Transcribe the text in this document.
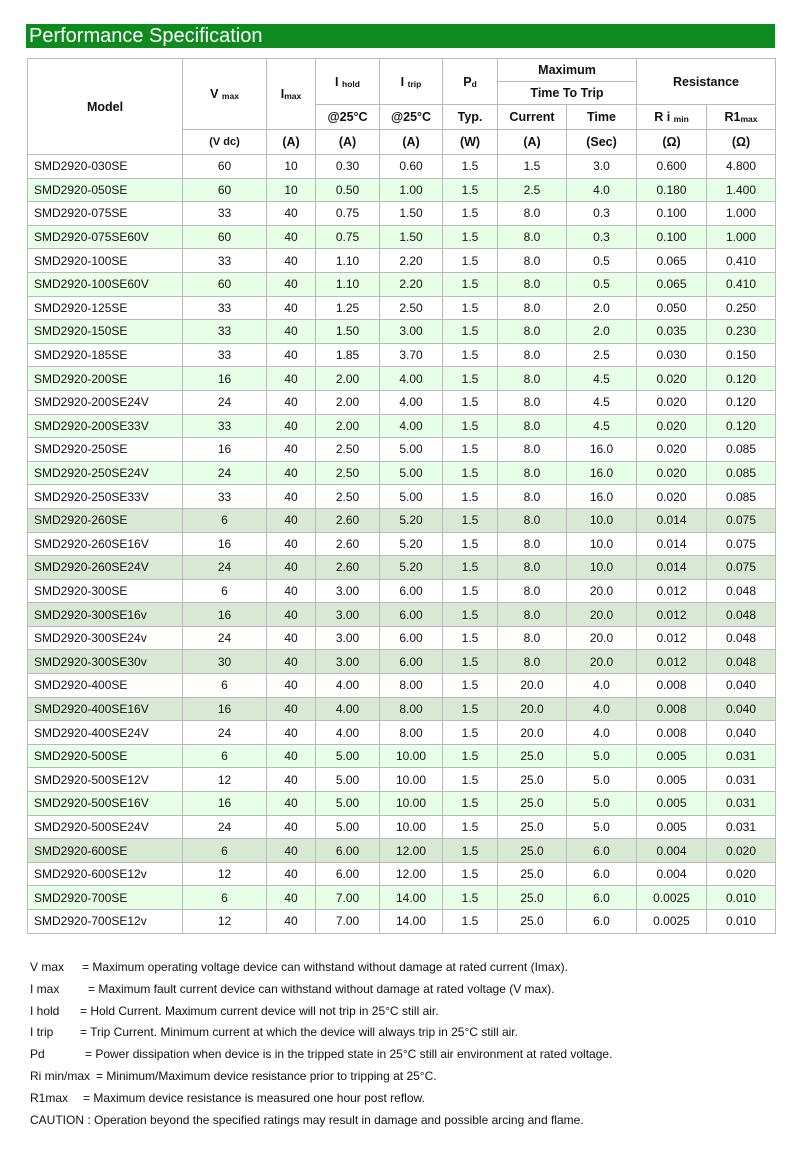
Performance Specification
Model	V max	Imax	I hold	I trip	Pd	Maximum		Resistance	
						Time To Trip			
			@25°C	@25°C	Typ.	Current	Time	R i min	R1max
	(V dc)	(A)	(A)	(A)	(W)	(A)	(Sec)	(Ω)	(Ω)
SMD2920-030SE	60	10	0.30	0.60	1.5	1.5	3.0	0.600	4.800
SMD2920-050SE	60	10	0.50	1.00	1.5	2.5	4.0	0.180	1.400
SMD2920-075SE	33	40	0.75	1.50	1.5	8.0	0.3	0.100	1.000
SMD2920-075SE60V	60	40	0.75	1.50	1.5	8.0	0.3	0.100	1.000
SMD2920-100SE	33	40	1.10	2.20	1.5	8.0	0.5	0.065	0.410
SMD2920-100SE60V	60	40	1.10	2.20	1.5	8.0	0.5	0.065	0.410
SMD2920-125SE	33	40	1.25	2.50	1.5	8.0	2.0	0.050	0.250
SMD2920-150SE	33	40	1.50	3.00	1.5	8.0	2.0	0.035	0.230
SMD2920-185SE	33	40	1.85	3.70	1.5	8.0	2.5	0.030	0.150
SMD2920-200SE	16	40	2.00	4.00	1.5	8.0	4.5	0.020	0.120
SMD2920-200SE24V	24	40	2.00	4.00	1.5	8.0	4.5	0.020	0.120
SMD2920-200SE33V	33	40	2.00	4.00	1.5	8.0	4.5	0.020	0.120
SMD2920-250SE	16	40	2.50	5.00	1.5	8.0	16.0	0.020	0.085
SMD2920-250SE24V	24	40	2.50	5.00	1.5	8.0	16.0	0.020	0.085
SMD2920-250SE33V	33	40	2.50	5.00	1.5	8.0	16.0	0.020	0.085
SMD2920-260SE	6	40	2.60	5.20	1.5	8.0	10.0	0.014	0.075
SMD2920-260SE16V	16	40	2.60	5.20	1.5	8.0	10.0	0.014	0.075
SMD2920-260SE24V	24	40	2.60	5.20	1.5	8.0	10.0	0.014	0.075
SMD2920-300SE	6	40	3.00	6.00	1.5	8.0	20.0	0.012	0.048
SMD2920-300SE16v	16	40	3.00	6.00	1.5	8.0	20.0	0.012	0.048
SMD2920-300SE24v	24	40	3.00	6.00	1.5	8.0	20.0	0.012	0.048
SMD2920-300SE30v	30	40	3.00	6.00	1.5	8.0	20.0	0.012	0.048
SMD2920-400SE	6	40	4.00	8.00	1.5	20.0	4.0	0.008	0.040
SMD2920-400SE16V	16	40	4.00	8.00	1.5	20.0	4.0	0.008	0.040
SMD2920-400SE24V	24	40	4.00	8.00	1.5	20.0	4.0	0.008	0.040
SMD2920-500SE	6	40	5.00	10.00	1.5	25.0	5.0	0.005	0.031
SMD2920-500SE12V	12	40	5.00	10.00	1.5	25.0	5.0	0.005	0.031
SMD2920-500SE16V	16	40	5.00	10.00	1.5	25.0	5.0	0.005	0.031
SMD2920-500SE24V	24	40	5.00	10.00	1.5	25.0	5.0	0.005	0.031
SMD2920-600SE	6	40	6.00	12.00	1.5	25.0	6.0	0.004	0.020
SMD2920-600SE12v	12	40	6.00	12.00	1.5	25.0	6.0	0.004	0.020
SMD2920-700SE	6	40	7.00	14.00	1.5	25.0	6.0	0.0025	0.010
SMD2920-700SE12v	12	40	7.00	14.00	1.5	25.0	6.0	0.0025	0.010
V max = Maximum operating voltage device can withstand without damage at rated current (Imax).
I max = Maximum fault current device can withstand without damage at rated voltage (V max).
I hold = Hold Current. Maximum current device will not trip in 25°C still air.
I trip = Trip Current. Minimum current at which the device will always trip in 25°C still air.
Pd	= Power dissipation when device is in the tripped state in 25°C still air environment at rated voltage.
Ri min/max = Minimum/Maximum device resistance prior to tripping at 25°C.
R1max = Maximum device resistance is measured one hour post reflow.
CAUTION : Operation beyond the specified ratings may result in damage and possible arcing and flame.
